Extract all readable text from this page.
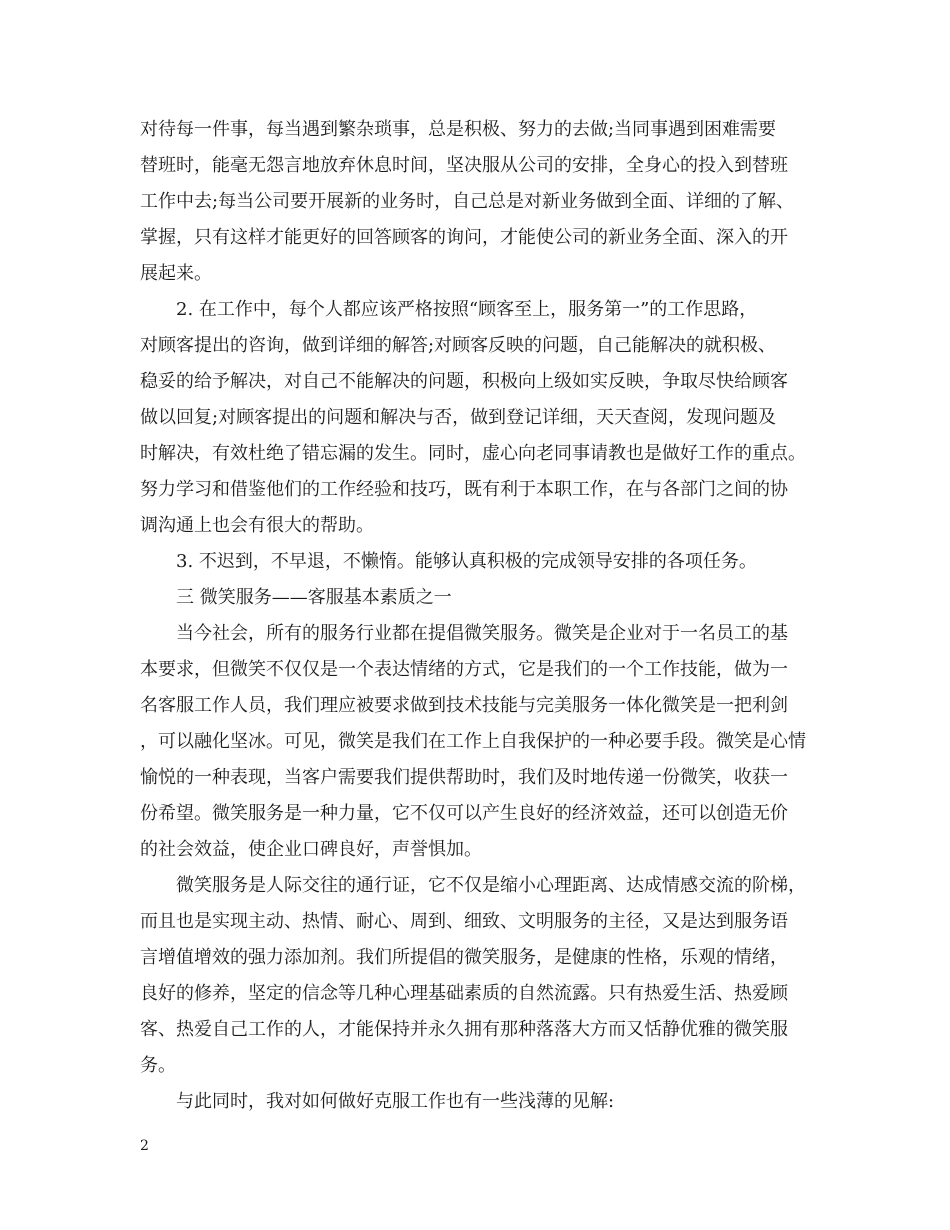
对待每一件事，每当遇到繁杂琐事，总是积极、努力的去做;当同事遇到困难需要
替班时，能毫无怨言地放弃休息时间，坚决服从公司的安排，全身心的投入到替班
工作中去;每当公司要开展新的业务时，自己总是对新业务做到全面、详细的了解、
掌握，只有这样才能更好的回答顾客的询问，才能使公司的新业务全面、深入的开
展起来。
2. 在工作中，每个人都应该严格按照“顾客至上，服务第一”的工作思路，
对顾客提出的咨询，做到详细的解答;对顾客反映的问题，自己能解决的就积极、
稳妥的给予解决，对自己不能解决的问题，积极向上级如实反映，争取尽快给顾客
做以回复;对顾客提出的问题和解决与否，做到登记详细，天天查阅，发现问题及
时解决，有效杜绝了错忘漏的发生。同时，虚心向老同事请教也是做好工作的重点。
努力学习和借鉴他们的工作经验和技巧，既有利于本职工作，在与各部门之间的协
调沟通上也会有很大的帮助。
3. 不迟到，不早退，不懒惰。能够认真积极的完成领导安排的各项任务。
三 微笑服务——客服基本素质之一
当今社会，所有的服务行业都在提倡微笑服务。微笑是企业对于一名员工的基
本要求，但微笑不仅仅是一个表达情绪的方式，它是我们的一个工作技能，做为一
名客服工作人员，我们理应被要求做到技术技能与完美服务一体化微笑是一把利剑
，可以融化坚冰。可见，微笑是我们在工作上自我保护的一种必要手段。微笑是心情
愉悦的一种表现，当客户需要我们提供帮助时，我们及时地传递一份微笑，收获一
份希望。微笑服务是一种力量，它不仅可以产生良好的经济效益，还可以创造无价
的社会效益，使企业口碑良好，声誉惧加。
微笑服务是人际交往的通行证，它不仅是缩小心理距离、达成情感交流的阶梯，
而且也是实现主动、热情、耐心、周到、细致、文明服务的主径，又是达到服务语
言增值增效的强力添加剂。我们所提倡的微笑服务，是健康的性格，乐观的情绪，
良好的修养，坚定的信念等几种心理基础素质的自然流露。只有热爱生活、热爱顾
客、热爱自己工作的人，才能保持并永久拥有那种落落大方而又恬静优雅的微笑服
务。
与此同时，我对如何做好克服工作也有一些浅薄的见解:
2
